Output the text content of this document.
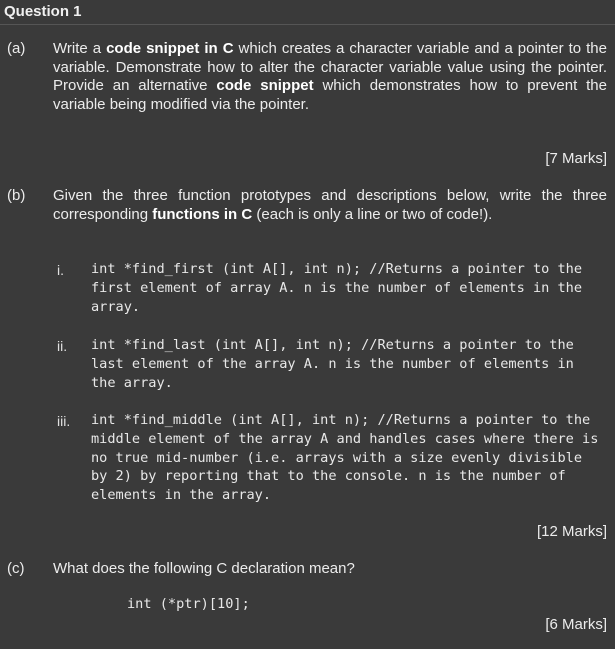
Question 1
(a) Write a code snippet in C which creates a character variable and a pointer to the variable. Demonstrate how to alter the character variable value using the pointer. Provide an alternative code snippet which demonstrates how to prevent the variable being modified via the pointer.
[7 Marks]
(b) Given the three function prototypes and descriptions below, write the three corresponding functions in C (each is only a line or two of code!).
i. int *find_first (int A[], int n); //Returns a pointer to the first element of array A. n is the number of elements in the array.
ii. int *find_last (int A[], int n); //Returns a pointer to the last element of the array A. n is the number of elements in the array.
iii. int *find_middle (int A[], int n); //Returns a pointer to the middle element of the array A and handles cases where there is no true mid-number (i.e. arrays with a size evenly divisible by 2) by reporting that to the console. n is the number of elements in the array.
[12 Marks]
(c) What does the following C declaration mean?
int (*ptr)[10];
[6 Marks]
